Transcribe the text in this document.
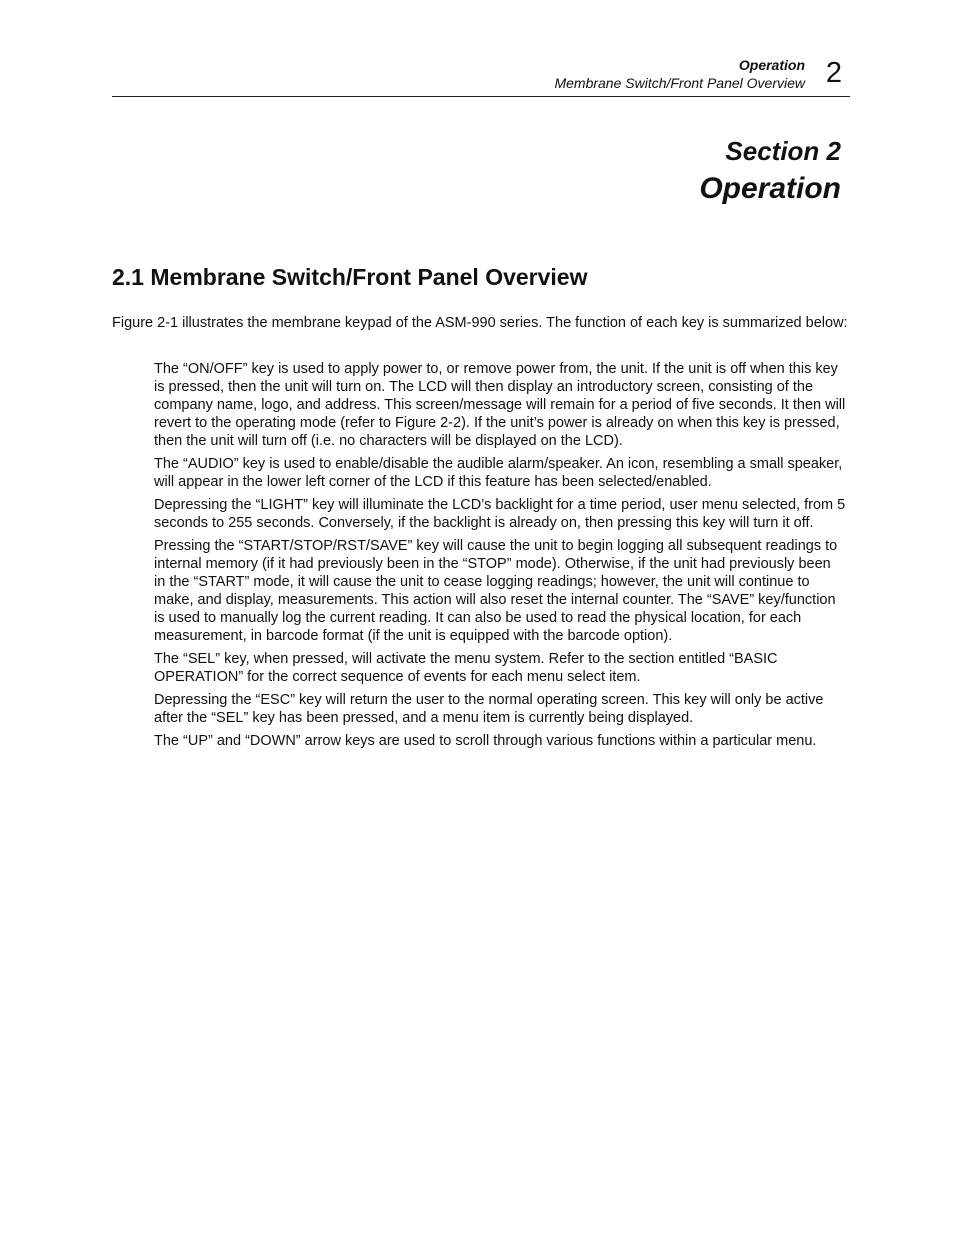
Operation
Membrane Switch/Front Panel Overview 2
Section 2
Operation
2.1 Membrane Switch/Front Panel Overview

Figure 2-1 illustrates the membrane keypad of the ASM-990 series. The function of each key is summarized below:

The “ON/OFF” key is used to apply power to, or remove power from, the unit. If the unit is off when this key is pressed, then the unit will turn on. The LCD will then display an introductory screen, consisting of the company name, logo, and address. This screen/message will remain for a period of five seconds. It then will revert to the operating mode (refer to Figure 2-2). If the unit’s power is already on when this key is pressed, then the unit will turn off (i.e. no characters will be displayed on the LCD).

The “AUDIO” key is used to enable/disable the audible alarm/speaker. An icon, resembling a small speaker, will appear in the lower left corner of the LCD if this feature has been selected/enabled.

Depressing the “LIGHT” key will illuminate the LCD’s backlight for a time period, user menu selected, from 5 seconds to 255 seconds. Conversely, if the backlight is already on, then pressing this key will turn it off.

Pressing the “START/STOP/RST/SAVE” key will cause the unit to begin logging all subsequent readings to internal memory (if it had previously been in the “STOP” mode). Otherwise, if the unit had previously been in the “START” mode, it will cause the unit to cease logging readings; however, the unit will continue to make, and display, measurements. This action will also reset the internal counter. The “SAVE” key/function is used to manually log the current reading. It can also be used to read the physical location, for each measurement, in barcode format (if the unit is equipped with the barcode option).

The “SEL” key, when pressed, will activate the menu system. Refer to the section entitled “BASIC OPERATION” for the correct sequence of events for each menu select item.

Depressing the “ESC” key will return the user to the normal operating screen. This key will only be active after the “SEL” key has been pressed, and a menu item is currently being displayed.

The “UP” and “DOWN” arrow keys are used to scroll through various functions within a particular menu.
